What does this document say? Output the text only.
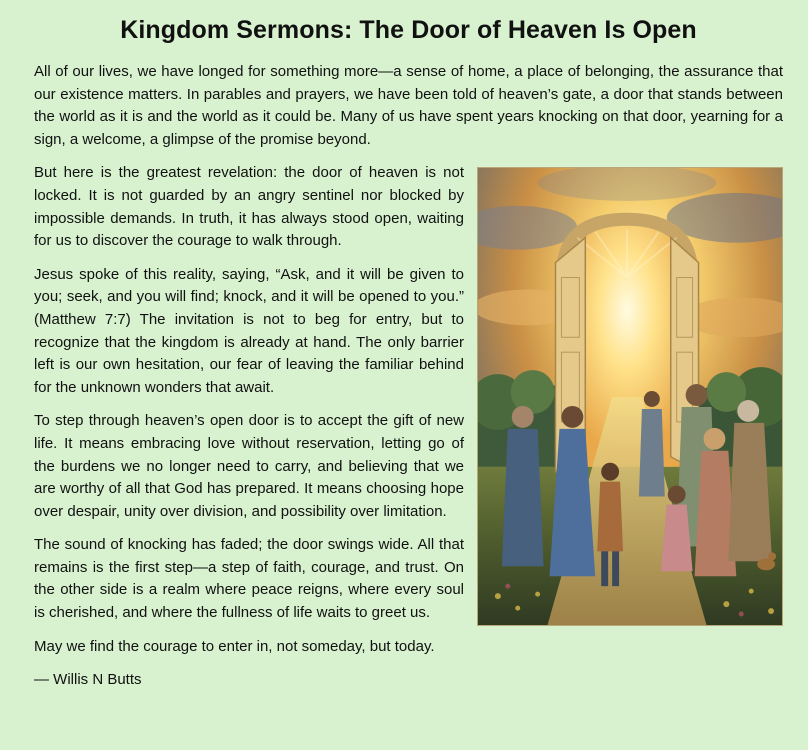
Kingdom Sermons: The Door of Heaven Is Open

All of our lives, we have longed for something more—a sense of home, a place of belonging, the assurance that our existence matters. In parables and prayers, we have been told of heaven’s gate, a door that stands between the world as it is and the world as it could be. Many of us have spent years knocking on that door, yearning for a sign, a welcome, a glimpse of the promise beyond.

But here is the greatest revelation: the door of heaven is not locked. It is not guarded by an angry sentinel nor blocked by impossible demands. In truth, it has always stood open, waiting for us to discover the courage to walk through.

Jesus spoke of this reality, saying, “Ask, and it will be given to you; seek, and you will find; knock, and it will be opened to you.” (Matthew 7:7) The invitation is not to beg for entry, but to recognize that the kingdom is already at hand. The only barrier left is our own hesitation, our fear of leaving the familiar behind for the unknown wonders that await.

To step through heaven’s open door is to accept the gift of new life. It means embracing love without reservation, letting go of the burdens we no longer need to carry, and believing that we are worthy of all that God has prepared. It means choosing hope over despair, unity over division, and possibility over limitation.

The sound of knocking has faded; the door swings wide. All that remains is the first step—a step of faith, courage, and trust. On the other side is a realm where peace reigns, where every soul is cherished, and where the fullness of life waits to greet us.

May we find the courage to enter in, not someday, but today.

— Willis N Butts
